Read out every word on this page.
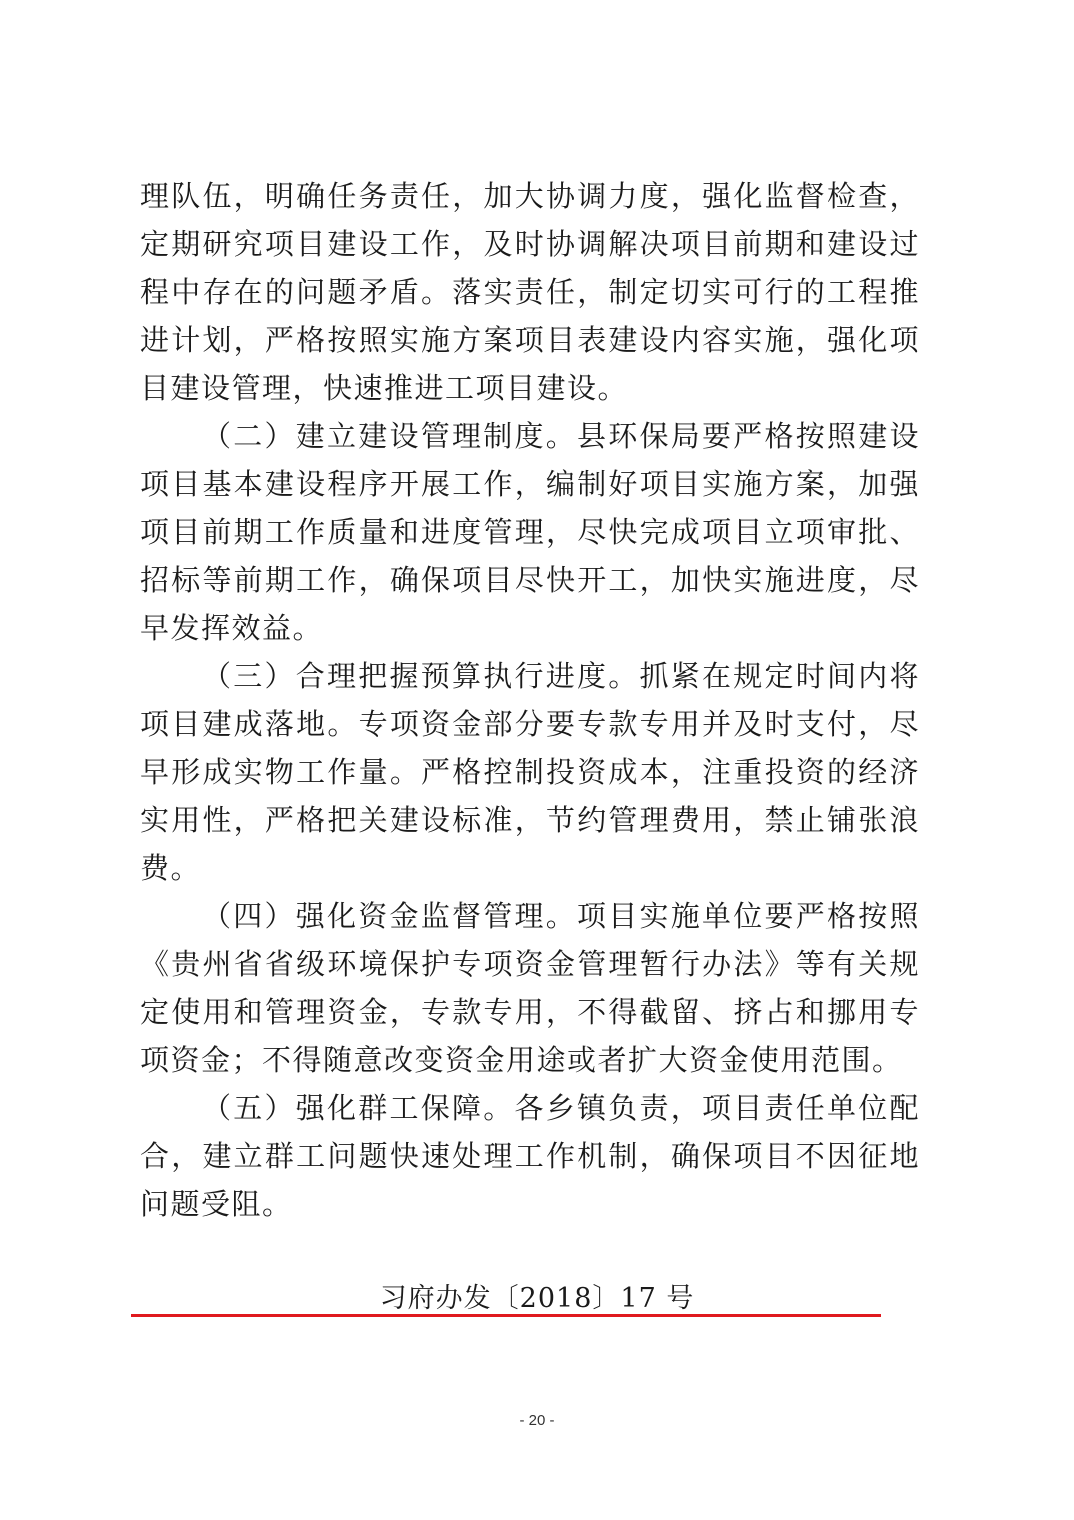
理队伍，明确任务责任，加大协调力度，强化监督检查，定期研究项目建设工作，及时协调解决项目前期和建设过程中存在的问题矛盾。落实责任，制定切实可行的工程推进计划，严格按照实施方案项目表建设内容实施，强化项目建设管理，快速推进工项目建设。

（二）建立建设管理制度。县环保局要严格按照建设项目基本建设程序开展工作，编制好项目实施方案，加强项目前期工作质量和进度管理，尽快完成项目立项审批、招标等前期工作，确保项目尽快开工，加快实施进度，尽早发挥效益。

（三）合理把握预算执行进度。抓紧在规定时间内将项目建成落地。专项资金部分要专款专用并及时支付，尽早形成实物工作量。严格控制投资成本，注重投资的经济实用性，严格把关建设标准，节约管理费用，禁止铺张浪费。

（四）强化资金监督管理。项目实施单位要严格按照《贵州省省级环境保护专项资金管理暂行办法》等有关规定使用和管理资金，专款专用，不得截留、挤占和挪用专项资金；不得随意改变资金用途或者扩大资金使用范围。

（五）强化群工保障。各乡镇负责，项目责任单位配合，建立群工问题快速处理工作机制，确保项目不因征地问题受阻。

习府办发〔2018〕17 号
- 20 -
